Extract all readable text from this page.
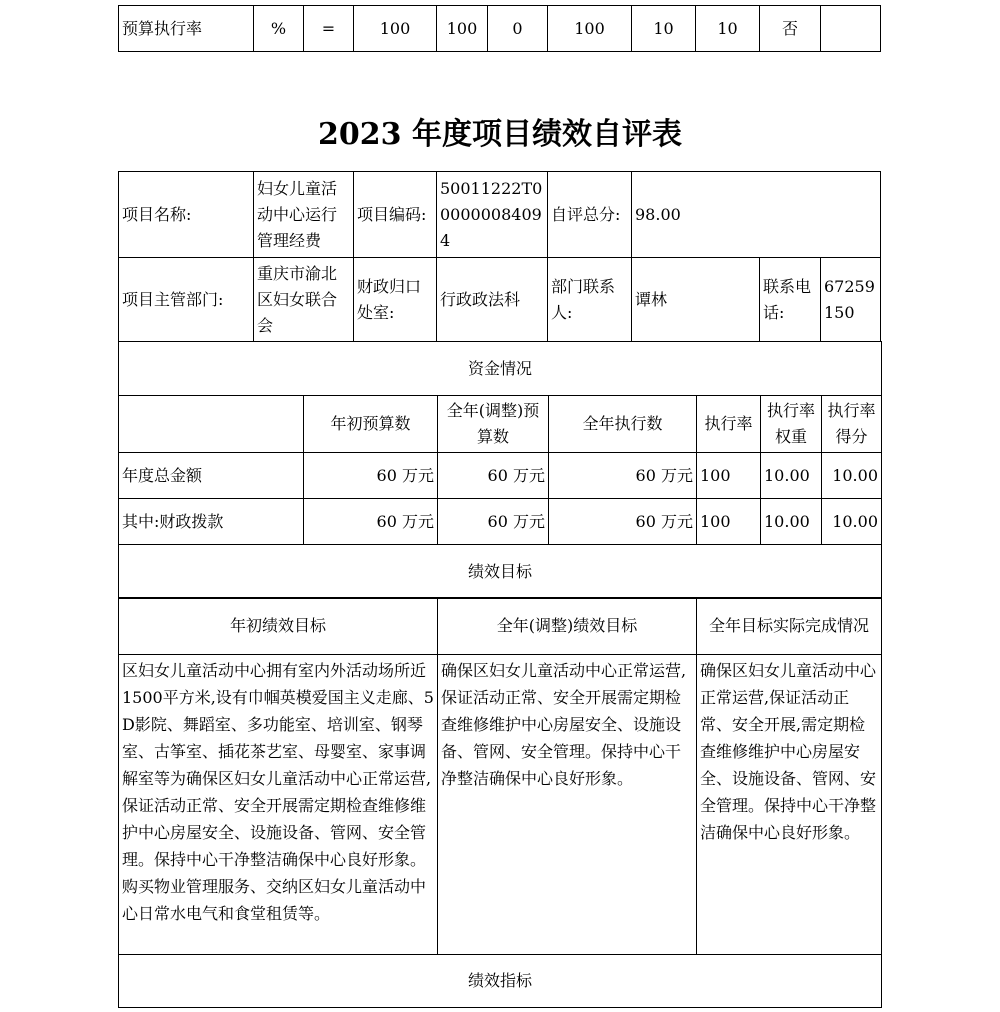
预算执行率	%	=	100	100	0	100	10	10	否	
2023 年度项目绩效自评表
项目名称:	妇女儿童活动中心运行管理经费	项目编码:	50011222T000000084094	自评总分:	98.00		
项目主管部门:	重庆市渝北区妇女联合会	财政归口处室:	行政政法科	部门联系人:	谭林	联系电话:	67259150

资金情况						
	年初预算数	全年(调整)预算数	全年执行数	执行率	执行率权重	执行率得分
年度总金额	60 万元	60 万元	60 万元	100	10.00	10.00
其中:财政拨款	60 万元	60 万元	60 万元	100	10.00	10.00
绩效目标						
年初绩效目标	全年(调整)绩效目标	全年目标实际完成情况
区妇女儿童活动中心拥有室内外活动场所近1500平方米,设有巾帼英模爱国主义走廊、5D影院、舞蹈室、多功能室、培训室、钢琴室、古筝室、插花茶艺室、母婴室、家事调解室等为确保区妇女儿童活动中心正常运营,保证活动正常、安全开展需定期检查维修维护中心房屋安全、设施设备、管网、安全管理。保持中心干净整洁确保中心良好形象。购买物业管理服务、交纳区妇女儿童活动中心日常水电气和食堂租赁等。	确保区妇女儿童活动中心正常运营,保证活动正常、安全开展需定期检查维修维护中心房屋安全、设施设备、管网、安全管理。保持中心干净整洁确保中心良好形象。	确保区妇女儿童活动中心正常运营,保证活动正常、安全开展,需定期检查维修维护中心房屋安全、设施设备、管网、安全管理。保持中心干净整洁确保中心良好形象。
绩效指标		
